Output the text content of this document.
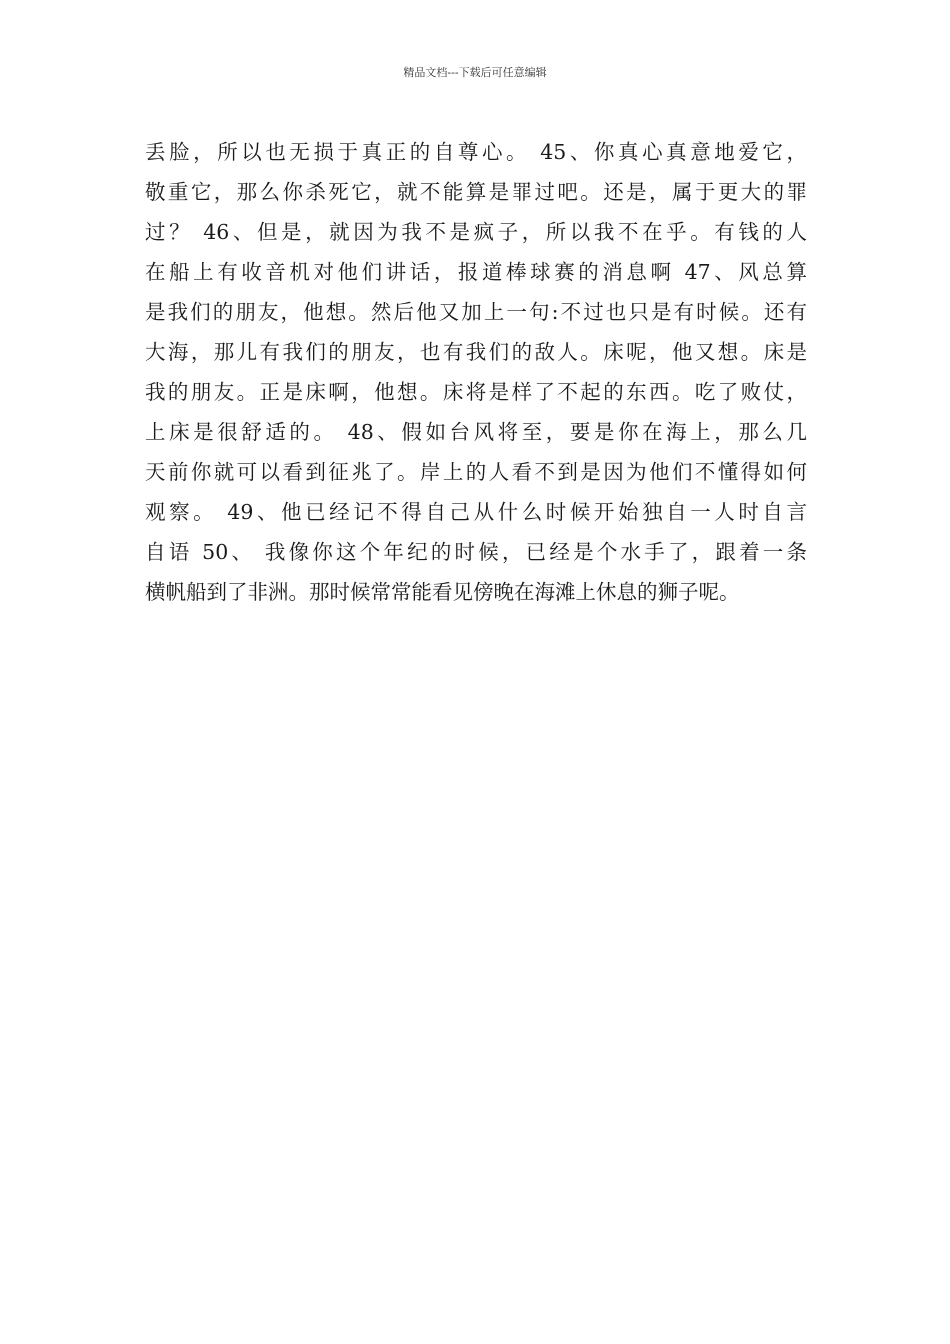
精品文档---下载后可任意编辑
丢脸，所以也无损于真正的自尊心。 45、你真心真意地爱它，
敬重它，那么你杀死它，就不能算是罪过吧。还是，属于更大的罪
过？ 46、但是，就因为我不是疯子，所以我不在乎。有钱的人
在船上有收音机对他们讲话，报道棒球赛的消息啊 47、风总算
是我们的朋友，他想。然后他又加上一句:不过也只是有时候。还有
大海，那儿有我们的朋友，也有我们的敌人。床呢，他又想。床是
我的朋友。正是床啊，他想。床将是样了不起的东西。吃了败仗，
上床是很舒适的。 48、假如台风将至，要是你在海上，那么几
天前你就可以看到征兆了。岸上的人看不到是因为他们不懂得如何
观察。 49、他已经记不得自己从什么时候开始独自一人时自言
自语 50、 我像你这个年纪的时候，已经是个水手了，跟着一条
横帆船到了非洲。那时候常常能看见傍晚在海滩上休息的狮子呢。
